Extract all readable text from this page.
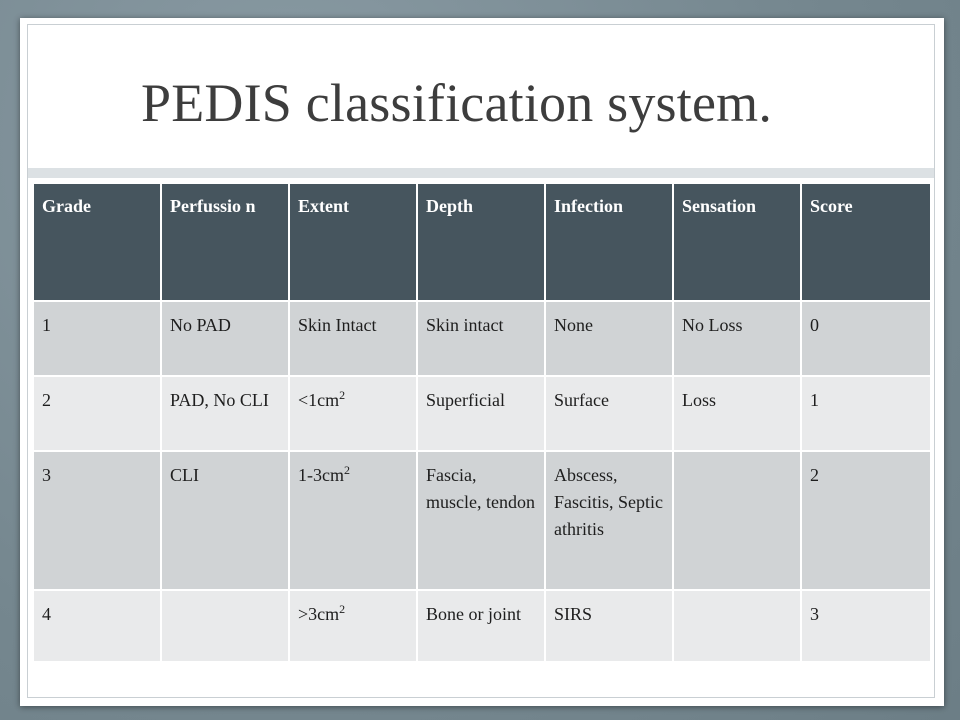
PEDIS classification system.
Grade	Perfussio n	Extent	Depth	Infection	Sensation	Score
1	No PAD	Skin Intact	Skin intact	None	No Loss	0
2	PAD, No CLI	$<1cm^2$	Superficial	Surface	Loss	1
3	CLI	$1-3cm^2$	Fascia, muscle, tendon	Abscess, Fascitis, Septic athritis		2
4		$>3cm^2$	Bone or joint	SIRS		3
